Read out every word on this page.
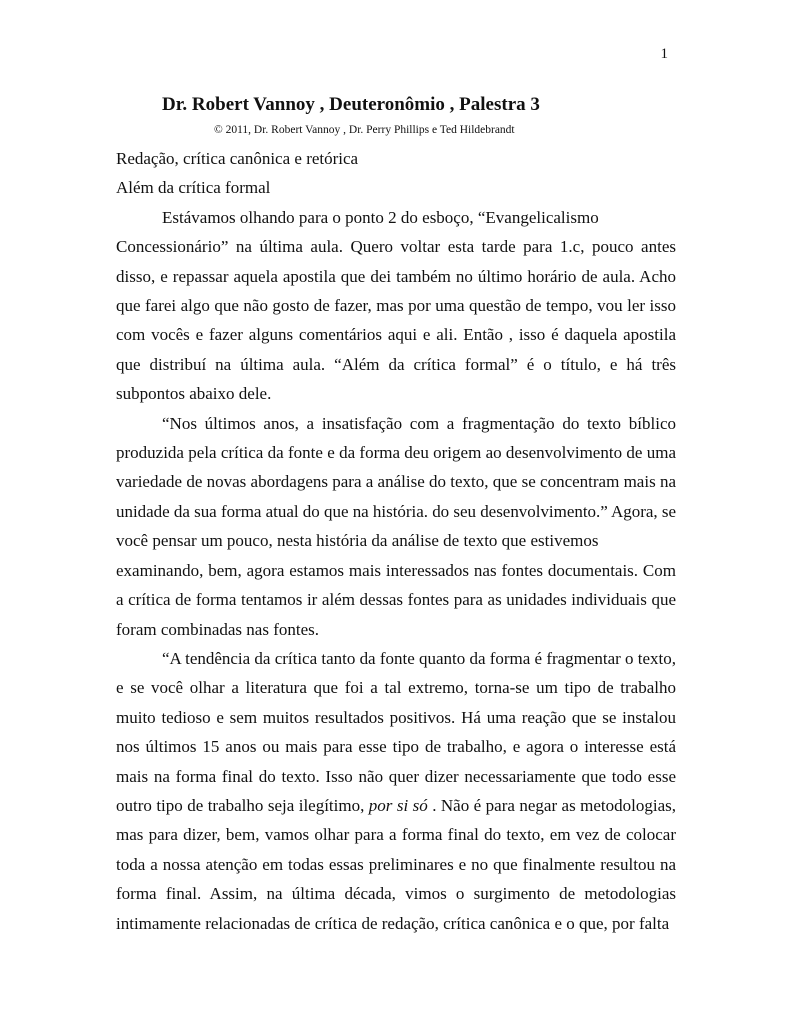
1
Dr. Robert Vannoy , Deuteronômio , Palestra 3
© 2011, Dr. Robert Vannoy , Dr. Perry Phillips e Ted Hildebrandt

Redação, crítica canônica e retórica

Além da crítica formal

Estávamos olhando para o ponto 2 do esboço, “Evangelicalismo
Concessionário” na última aula. Quero voltar esta tarde para 1.c, pouco antes
disso, e repassar aquela apostila que dei também no último horário de aula. Acho
que farei algo que não gosto de fazer, mas por uma questão de tempo, vou ler isso
com vocês e fazer alguns comentários aqui e ali. Então , isso é daquela apostila
que distribuí na última aula. “Além da crítica formal” é o título, e há três
subpontos abaixo dele.

“Nos últimos anos, a insatisfação com a fragmentação do texto bíblico
produzida pela crítica da fonte e da forma deu origem ao desenvolvimento de uma
variedade de novas abordagens para a análise do texto, que se concentram mais na
unidade da sua forma atual do que na história. do seu desenvolvimento.” Agora, se
você pensar um pouco, nesta história da análise de texto que estivemos
examinando, bem, agora estamos mais interessados nas fontes documentais. Com
a crítica de forma tentamos ir além dessas fontes para as unidades individuais que
foram combinadas nas fontes.

“A tendência da crítica tanto da fonte quanto da forma é fragmentar o texto,
e se você olhar a literatura que foi a tal extremo, torna-se um tipo de trabalho
muito tedioso e sem muitos resultados positivos. Há uma reação que se instalou
nos últimos 15 anos ou mais para esse tipo de trabalho, e agora o interesse está
mais na forma final do texto. Isso não quer dizer necessariamente que todo esse
outro tipo de trabalho seja ilegítimo, por si só . Não é para negar as metodologias,
mas para dizer, bem, vamos olhar para a forma final do texto, em vez de colocar
toda a nossa atenção em todas essas preliminares e no que finalmente resultou na
forma final. Assim, na última década, vimos o surgimento de metodologias
intimamente relacionadas de crítica de redação, crítica canônica e o que, por falta
